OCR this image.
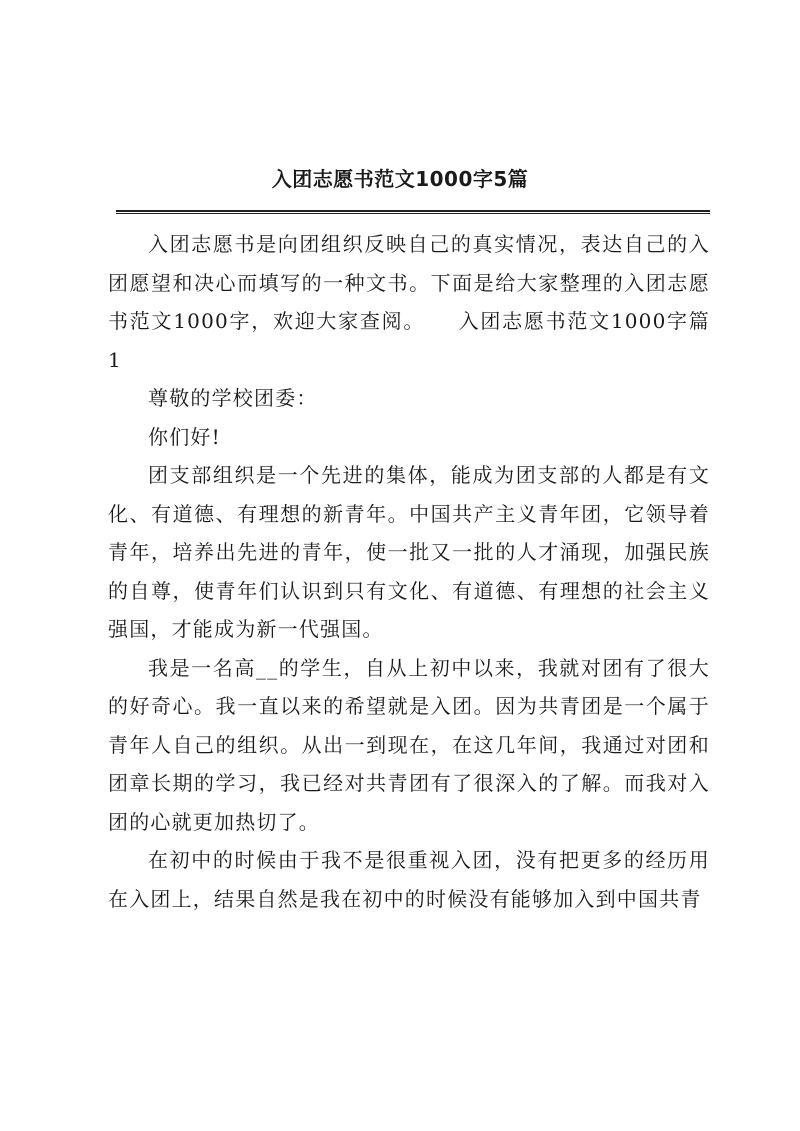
入团志愿书范文1000字5篇

入团志愿书是向团组织反映自己的真实情况，表达自己的入团愿望和决心而填写的一种文书。下面是给大家整理的入团志愿书范文1000字，欢迎大家查阅。　　入团志愿书范文1000字篇1

尊敬的学校团委：

你们好!

团支部组织是一个先进的集体，能成为团支部的人都是有文化、有道德、有理想的新青年。中国共产主义青年团，它领导着青年，培养出先进的青年，使一批又一批的人才涌现，加强民族的自尊，使青年们认识到只有文化、有道德、有理想的社会主义强国，才能成为新一代强国。

我是一名高__的学生，自从上初中以来，我就对团有了很大的好奇心。我一直以来的希望就是入团。因为共青团是一个属于青年人自己的组织。从出一到现在，在这几年间，我通过对团和团章长期的学习，我已经对共青团有了很深入的了解。而我对入团的心就更加热切了。

在初中的时候由于我不是很重视入团，没有把更多的经历用在入团上，结果自然是我在初中的时候没有能够加入到中国共青
